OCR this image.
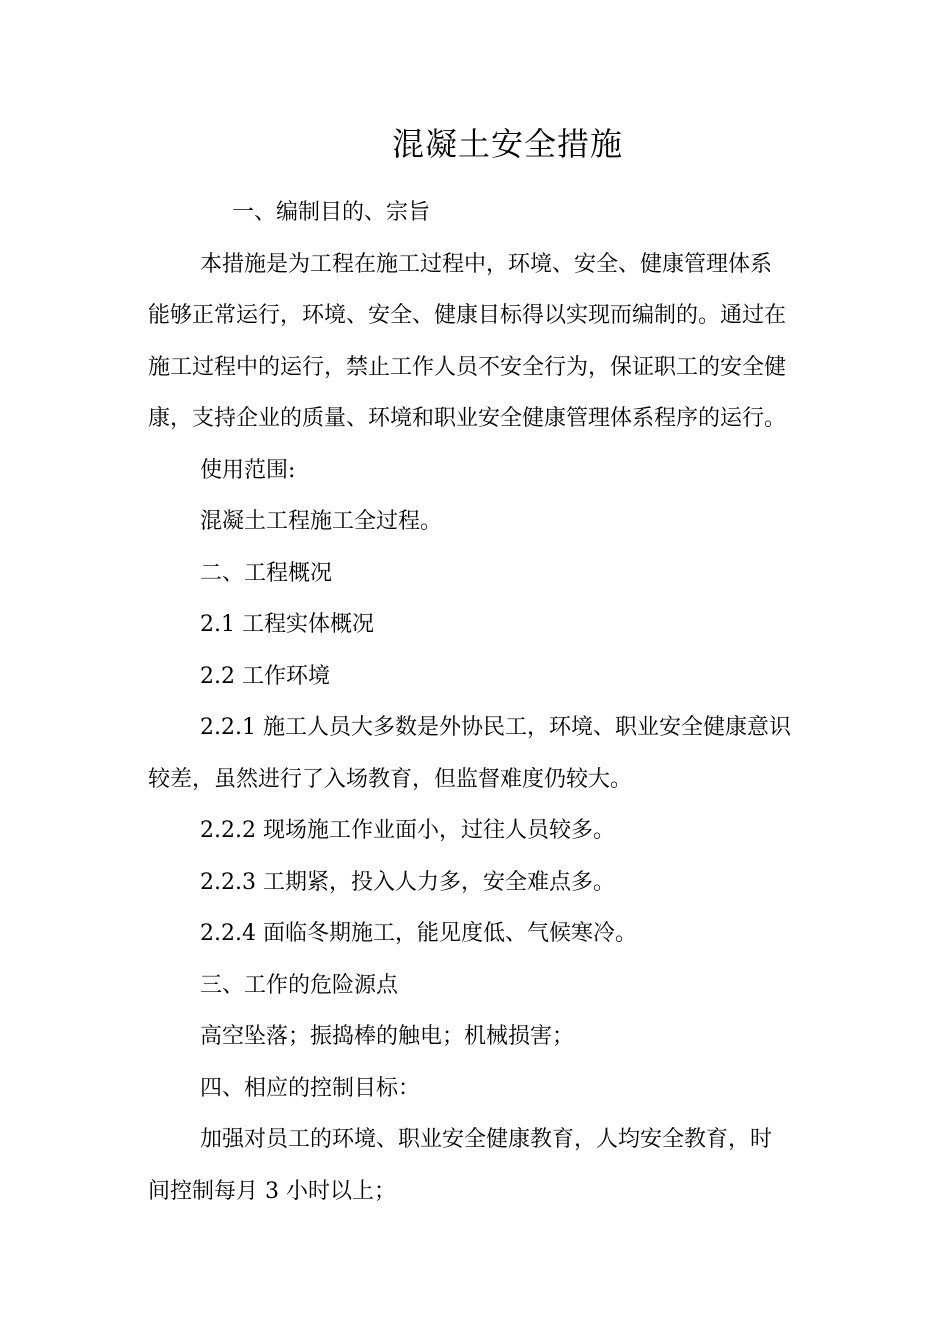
混凝土安全措施

一、编制目的、宗旨

本措施是为工程在施工过程中，环境、安全、健康管理体系

能够正常运行，环境、安全、健康目标得以实现而编制的。通过在

施工过程中的运行，禁止工作人员不安全行为，保证职工的安全健

康，支持企业的质量、环境和职业安全健康管理体系程序的运行。

使用范围:

混凝土工程施工全过程。

二、工程概况

2.1 工程实体概况

2.2 工作环境

2.2.1 施工人员大多数是外协民工，环境、职业安全健康意识

较差，虽然进行了入场教育，但监督难度仍较大。

2.2.2 现场施工作业面小，过往人员较多。

2.2.3 工期紧，投入人力多，安全难点多。

2.2.4 面临冬期施工，能见度低、气候寒冷。

三、工作的危险源点

高空坠落；振捣棒的触电；机械损害；

四、相应的控制目标：

加强对员工的环境、职业安全健康教育，人均安全教育，时

间控制每月 3 小时以上；
